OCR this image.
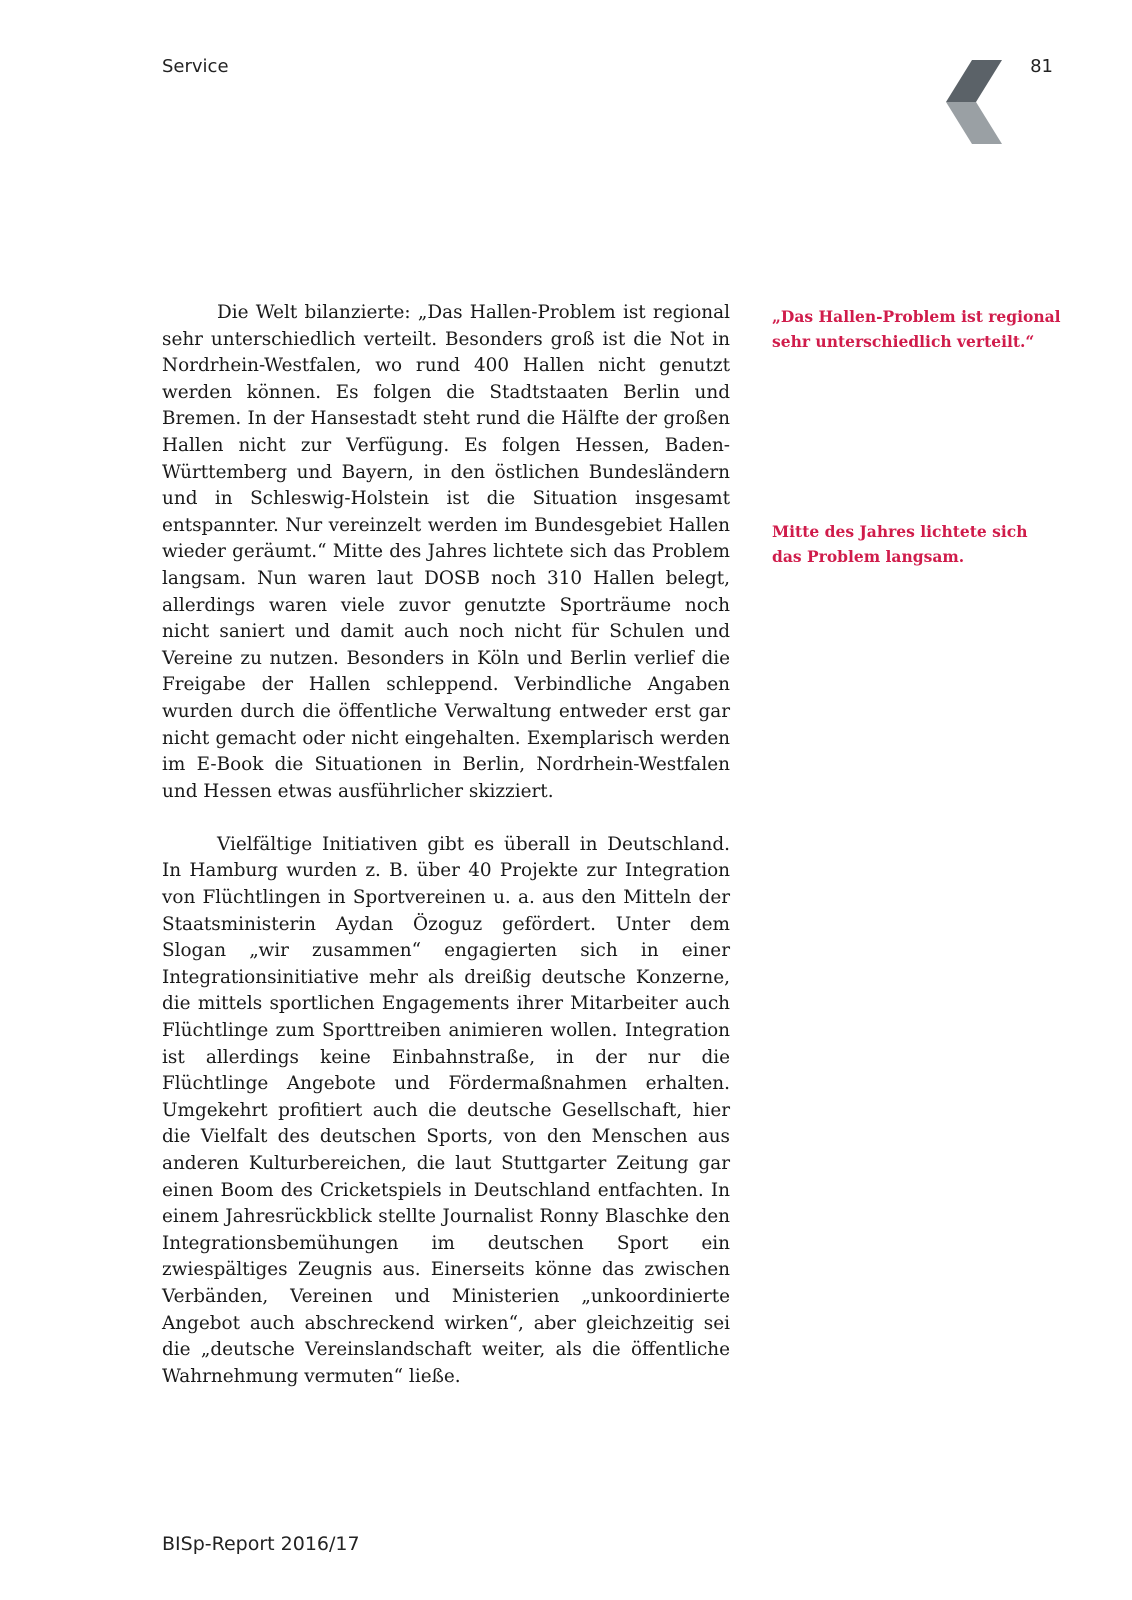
Service	81

Die Welt bilanzierte: „Das Hallen-Problem ist regional sehr unterschiedlich verteilt. Besonders groß ist die Not in Nordrhein-Westfalen, wo rund 400 Hallen nicht genutzt werden können. Es folgen die Stadtstaaten Berlin und Bremen. In der Hansestadt steht rund die Hälfte der großen Hallen nicht zur Verfügung. Es folgen Hessen, Baden-Württemberg und Bayern, in den östlichen Bundesländern und in Schleswig-Holstein ist die Situation insgesamt entspannter. Nur vereinzelt werden im Bundesgebiet Hallen wieder geräumt.“ Mitte des Jahres lichtete sich das Problem langsam. Nun waren laut DOSB noch 310 Hallen belegt, allerdings waren viele zuvor genutzte Sporträume noch nicht saniert und damit auch noch nicht für Schulen und Vereine zu nutzen. Besonders in Köln und Berlin verlief die Freigabe der Hallen schleppend. Verbindliche Angaben wurden durch die öffentliche Verwaltung entweder erst gar nicht gemacht oder nicht eingehalten. Exemplarisch werden im E-Book die Situationen in Berlin, Nordrhein-Westfalen und Hessen etwas ausführlicher skizziert.

Vielfältige Initiativen gibt es überall in Deutschland. In Hamburg wurden z. B. über 40 Projekte zur Integration von Flüchtlingen in Sportvereinen u. a. aus den Mitteln der Staatsministerin Aydan Özoguz gefördert. Unter dem Slogan „wir zusammen“ engagierten sich in einer Integrationsinitiative mehr als dreißig deutsche Konzerne, die mittels sportlichen Engagements ihrer Mitarbeiter auch Flüchtlinge zum Sporttreiben animieren wollen. Integration ist allerdings keine Einbahnstraße, in der nur die Flüchtlinge Angebote und Fördermaßnahmen erhalten. Umgekehrt profitiert auch die deutsche Gesellschaft, hier die Vielfalt des deutschen Sports, von den Menschen aus anderen Kulturbereichen, die laut Stuttgarter Zeitung gar einen Boom des Cricketspiels in Deutschland entfachten. In einem Jahresrückblick stellte Journalist Ronny Blaschke den Integrationsbemühungen im deutschen Sport ein zwiespältiges Zeugnis aus. Einerseits könne das zwischen Verbänden, Vereinen und Ministerien „unkoordinierte Angebot auch abschreckend wirken“, aber gleichzeitig sei die „deutsche Vereinslandschaft weiter, als die öffentliche Wahrnehmung vermuten“ ließe.

„Das Hallen-Problem ist regional sehr unterschiedlich verteilt.“
Mitte des Jahres lichtete sich das Problem langsam.
BISp-Report 2016/17
